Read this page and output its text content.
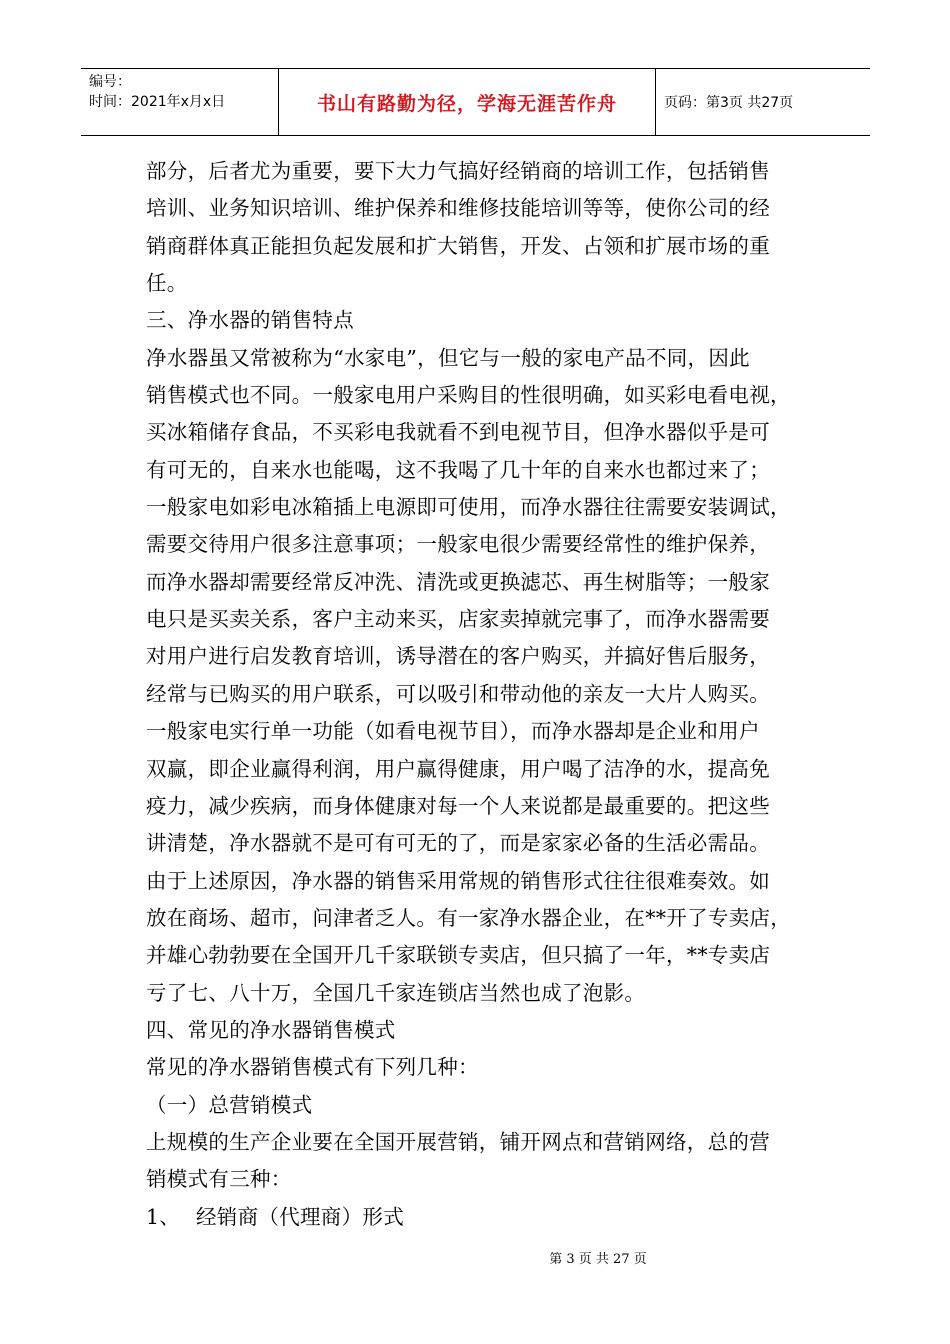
编号：
时间：2021年x月x日	书山有路勤为径，学海无涯苦作舟	页码：第3页 共27页
部分，后者尤为重要，要下大力气搞好经销商的培训工作，包括销售
培训、业务知识培训、维护保养和维修技能培训等等，使你公司的经
销商群体真正能担负起发展和扩大销售，开发、占领和扩展市场的重
任。
三、净水器的销售特点
净水器虽又常被称为“水家电”，但它与一般的家电产品不同，因此
销售模式也不同。一般家电用户采购目的性很明确，如买彩电看电视，
买冰箱储存食品，不买彩电我就看不到电视节目，但净水器似乎是可
有可无的，自来水也能喝，这不我喝了几十年的自来水也都过来了；
一般家电如彩电冰箱插上电源即可使用，而净水器往往需要安装调试，
需要交待用户很多注意事项；一般家电很少需要经常性的维护保养，
而净水器却需要经常反冲洗、清洗或更换滤芯、再生树脂等；一般家
电只是买卖关系，客户主动来买，店家卖掉就完事了，而净水器需要
对用户进行启发教育培训，诱导潜在的客户购买，并搞好售后服务，
经常与已购买的用户联系，可以吸引和带动他的亲友一大片人购买。
一般家电实行单一功能（如看电视节目），而净水器却是企业和用户
双赢，即企业赢得利润，用户赢得健康，用户喝了洁净的水，提高免
疫力，减少疾病，而身体健康对每一个人来说都是最重要的。把这些
讲清楚，净水器就不是可有可无的了，而是家家必备的生活必需品。
由于上述原因，净水器的销售采用常规的销售形式往往很难奏效。如
放在商场、超市，问津者乏人。有一家净水器企业，在**开了专卖店，
并雄心勃勃要在全国开几千家联锁专卖店，但只搞了一年，**专卖店
亏了七、八十万，全国几千家连锁店当然也成了泡影。
四、常见的净水器销售模式
常见的净水器销售模式有下列几种：
（一）总营销模式
上规模的生产企业要在全国开展营销，铺开网点和营销网络，总的营
销模式有三种：
1、 经销商（代理商）形式
第 3 页 共 27 页
